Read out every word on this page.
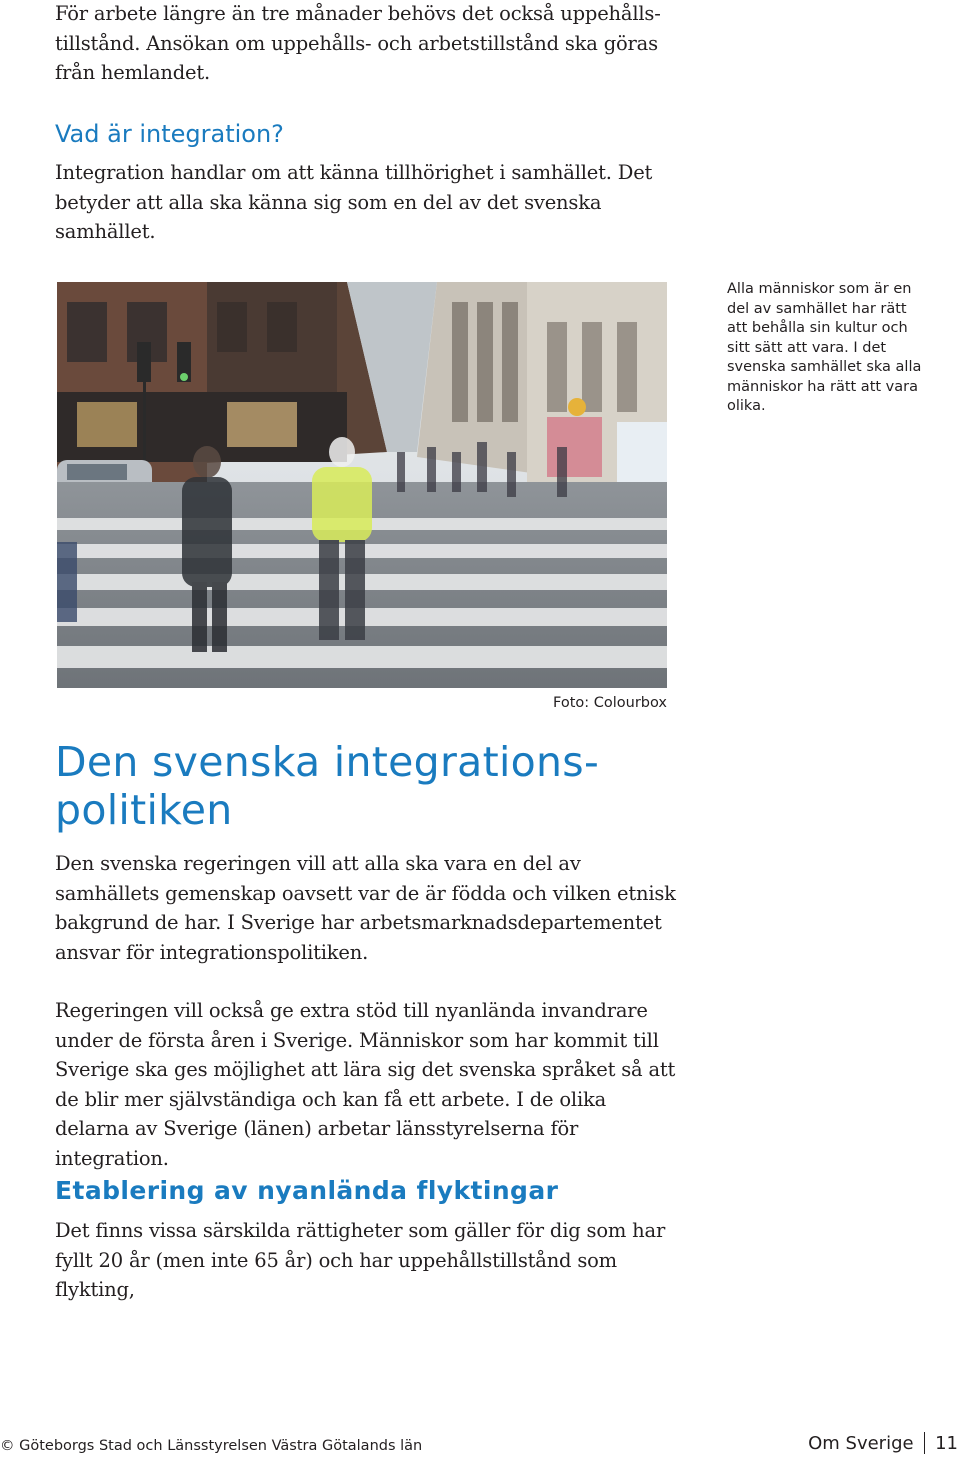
För arbete längre än tre månader behövs det också uppehålls-tillstånd. Ansökan om uppehålls- och arbetstillstånd ska göras från hemlandet.

Vad är integration?

Integration handlar om att känna tillhörighet i samhället. Det betyder att alla ska känna sig som en del av det svenska samhället.

Alla människor som är en del av samhället har rätt att behålla sin kultur och sitt sätt att vara. I det svenska samhället ska alla människor ha rätt att vara olika.

Foto: Colourbox

Den svenska integrations-
politiken

Den svenska regeringen vill att alla ska vara en del av samhällets gemenskap oavsett var de är födda och vilken etnisk bakgrund de har. I Sverige har arbetsmarknadsdepartementet ansvar för integrationspolitiken.

Regeringen vill också ge extra stöd till nyanlända invandrare under de första åren i Sverige. Människor som har kommit till Sverige ska ges möjlighet att lära sig det svenska språket så att de blir mer självständiga och kan få ett arbete. I de olika delarna av Sverige (länen) arbetar länsstyrelserna för integration.

Etablering av nyanlända flyktingar

Det finns vissa särskilda rättigheter som gäller för dig som har fyllt 20 år (men inte 65 år) och har uppehållstillstånd som flykting,

© Göteborgs Stad och Länsstyrelsen Västra Götalands län	Om Sverige 11
